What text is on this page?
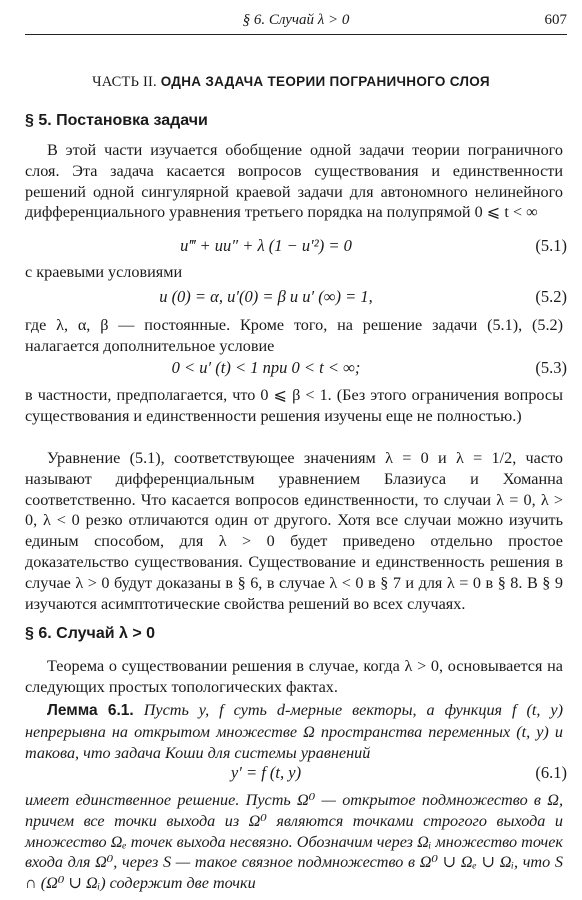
§ 6. Случай λ > 0	607
ЧАСТЬ II. ОДНА ЗАДАЧА ТЕОРИИ ПОГРАНИЧНОГО СЛОЯ
§ 5. Постановка задачи
В этой части изучается обобщение одной задачи теории пограничного слоя. Эта задача касается вопросов существования и единственности решений одной сингулярной краевой задачи для автономного нелинейного дифференциального уравнения третьего порядка на полупрямой 0 ⩽ t < ∞
u‴ + uu″ + λ (1 − u′²) = 0	(5.1)
с краевыми условиями
u (0) = α, u′(0) = β и u′ (∞) = 1,	(5.2)
где λ, α, β — постоянные. Кроме того, на решение задачи (5.1), (5.2) налагается дополнительное условие
0 < u′ (t) < 1 при 0 < t < ∞;	(5.3)
в частности, предполагается, что 0 ⩽ β < 1. (Без этого ограничения вопросы существования и единственности решения изучены еще не полностью.)
Уравнение (5.1), соответствующее значениям λ = 0 и λ = 1/2, часто называют дифференциальным уравнением Блазиуса и Хоманна соответственно. Что касается вопросов единственности, то случаи λ = 0, λ > 0, λ < 0 резко отличаются один от другого. Хотя все случаи можно изучить единым способом, для λ > 0 будет приведено отдельно простое доказательство существования. Существование и единственность решения в случае λ > 0 будут доказаны в § 6, в случае λ < 0 в § 7 и для λ = 0 в § 8. В § 9 изучаются асимптотические свойства решений во всех случаях.
§ 6. Случай λ > 0
Теорема о существовании решения в случае, когда λ > 0, основывается на следующих простых топологических фактах.
Лемма 6.1. Пусть y, f суть d-мерные векторы, а функция f (t, y) непрерывна на открытом множестве Ω пространства переменных (t, y) и такова, что задача Коши для системы уравнений
y′ = f (t, y)	(6.1)
имеет единственное решение. Пусть Ω⁰ — открытое подмножество в Ω, причем все точки выхода из Ω⁰ являются точками строгого выхода и множество Ωₑ точек выхода несвязно. Обозначим через Ωᵢ множество точек входа для Ω⁰, через S — такое связное подмножество в Ω⁰ ∪ Ωₑ ∪ Ωᵢ, что S ∩ (Ω⁰ ∪ Ωᵢ) содержит две точки
